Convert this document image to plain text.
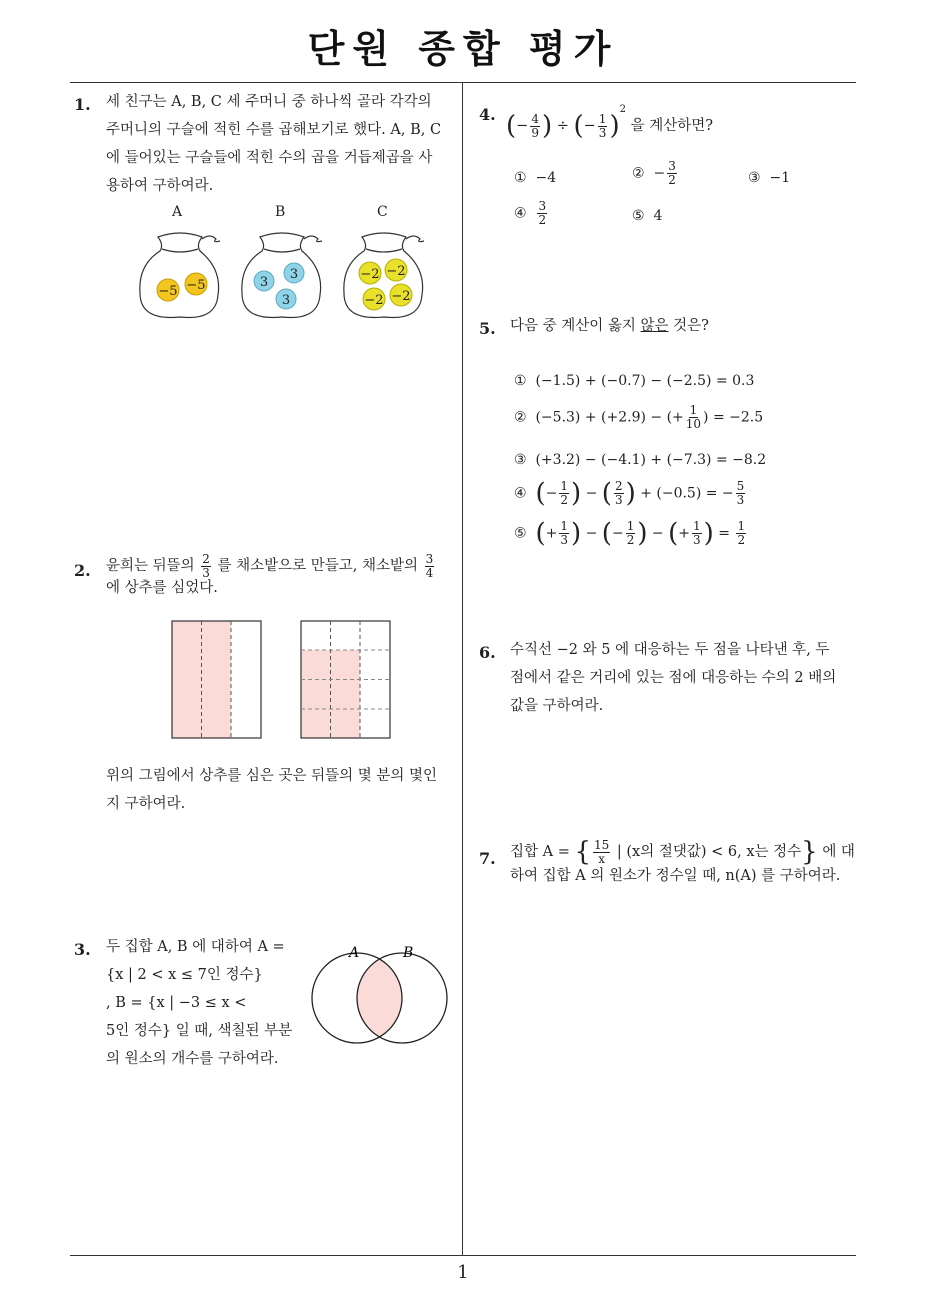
단원 종합 평가
1
1. 세 친구는 A, B, C 세 주머니 중 하나씩 골라 각각의
주머니의 구슬에 적힌 수를 곱해보기로 했다. A, B, C
에 들어있는 구슬들에 적힌 수의 곱을 거듭제곱을 사
용하여 구하여라.
A	B	C
−5 −5	3
3
3
−2 −2
−2 −2
2. 윤희는 뒤뜰의 $\frac{2}{3}$ 를 채소밭으로 만들고, 채소밭의 $\frac{3}{4}$
에 상추를 심었다.
위의 그림에서 상추를 심은 곳은 뒤뜰의 몇 분의 몇인
지 구하여라.
3. 두 집합 A, B 에 대하여 A =
{x | 2 < x ≤ 7인 정수}
, B = {x | −3 ≤ x <
5인 정수} 일 때, 색칠된 부분
의 원소의 개수를 구하여라.
A	B
4. (− $\frac{4}{9}$ ) ÷ (− $\frac{1}{3} )^2$ 을 계산하면?
① −4	② − $\frac{3}{2}$	③ −1
④ $\frac{3}{2}$	⑤ 4
5. 다음 중 계산이 옳지 않은 것은?
① (−1.5) + (−0.7) − (−2.5) = 0.3
② (−5.3) + (+2.9) − (+ $\frac{1}{10}$ ) = −2.5
③ (+3.2) − (−4.1) + (−7.3) = −8.2
④ (− $\frac{1}{2}$ ) − ( $\frac{2}{3}$ ) + (−0.5) = − $\frac{5}{3}$
⑤ (+ $\frac{1}{3}$ ) − (− $\frac{1}{2}$ ) − (+ $\frac{1}{3}$ ) = $\frac{1}{2}$
6. 수직선 −2 와 5 에 대응하는 두 점을 나타낸 후, 두
점에서 같은 거리에 있는 점에 대응하는 수의 2 배의
값을 구하여라.
7. 집합 A = { $\frac{15}{x}$ | (x의 절댓값) < 6, x는 정수} 에 대
하여 집합 A 의 원소가 정수일 때, n(A) 를 구하여라.
